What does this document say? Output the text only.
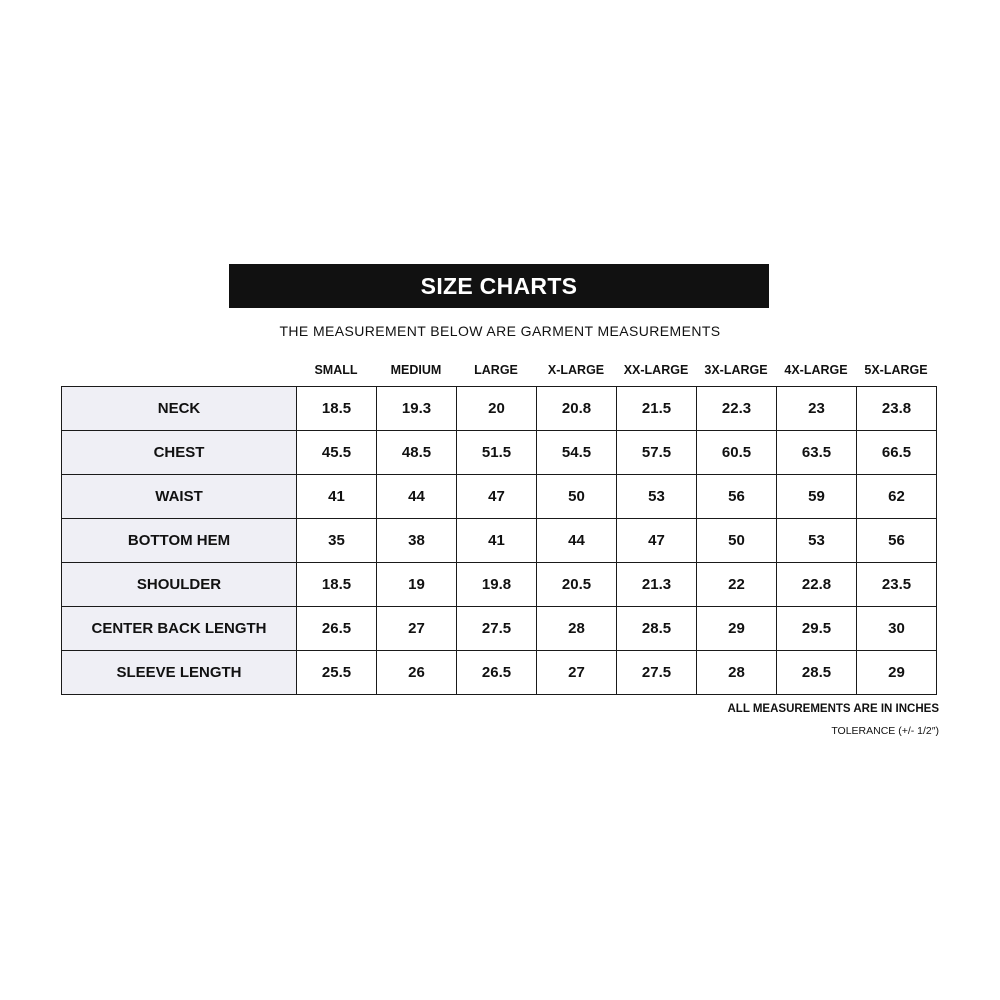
SIZE CHARTS
THE MEASUREMENT BELOW ARE GARMENT MEASUREMENTS
SMALL	MEDIUM	LARGE	X-LARGE	XX-LARGE	3X-LARGE	4X-LARGE	5X-LARGE
NECK	18.5	19.3	20	20.8	21.5	22.3	23	23.8
CHEST	45.5	48.5	51.5	54.5	57.5	60.5	63.5	66.5
WAIST	41	44	47	50	53	56	59	62
BOTTOM HEM	35	38	41	44	47	50	53	56
SHOULDER	18.5	19	19.8	20.5	21.3	22	22.8	23.5
CENTER BACK LENGTH	26.5	27	27.5	28	28.5	29	29.5	30
SLEEVE LENGTH	25.5	26	26.5	27	27.5	28	28.5	29
ALL MEASUREMENTS ARE IN INCHES
TOLERANCE (+/- 1/2″)
